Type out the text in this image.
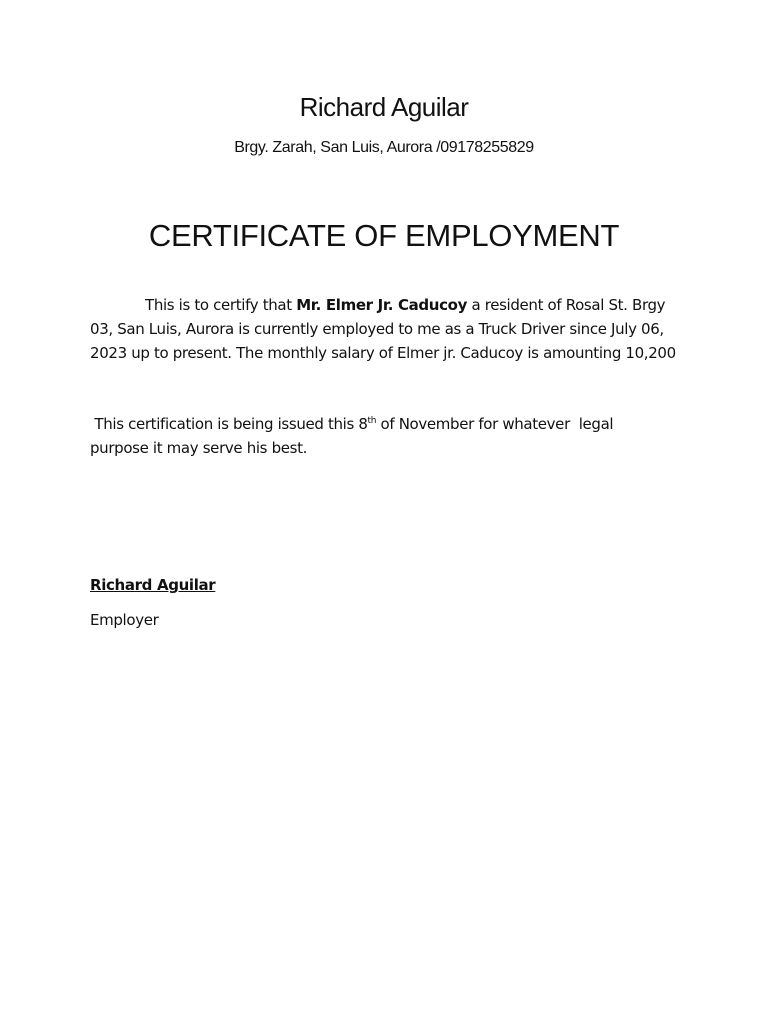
Richard Aguilar
Brgy. Zarah, San Luis, Aurora /09178255829
CERTIFICATE OF EMPLOYMENT
This is to certify that Mr. Elmer Jr. Caducoy a resident of Rosal St. Brgy
03, San Luis, Aurora is currently employed to me as a Truck Driver since July 06,
2023 up to present. The monthly salary of Elmer jr. Caducoy is amounting 10,200
This certification is being issued this 8th of November for whatever  legal
purpose it may serve his best.
Richard Aguilar
Employer
